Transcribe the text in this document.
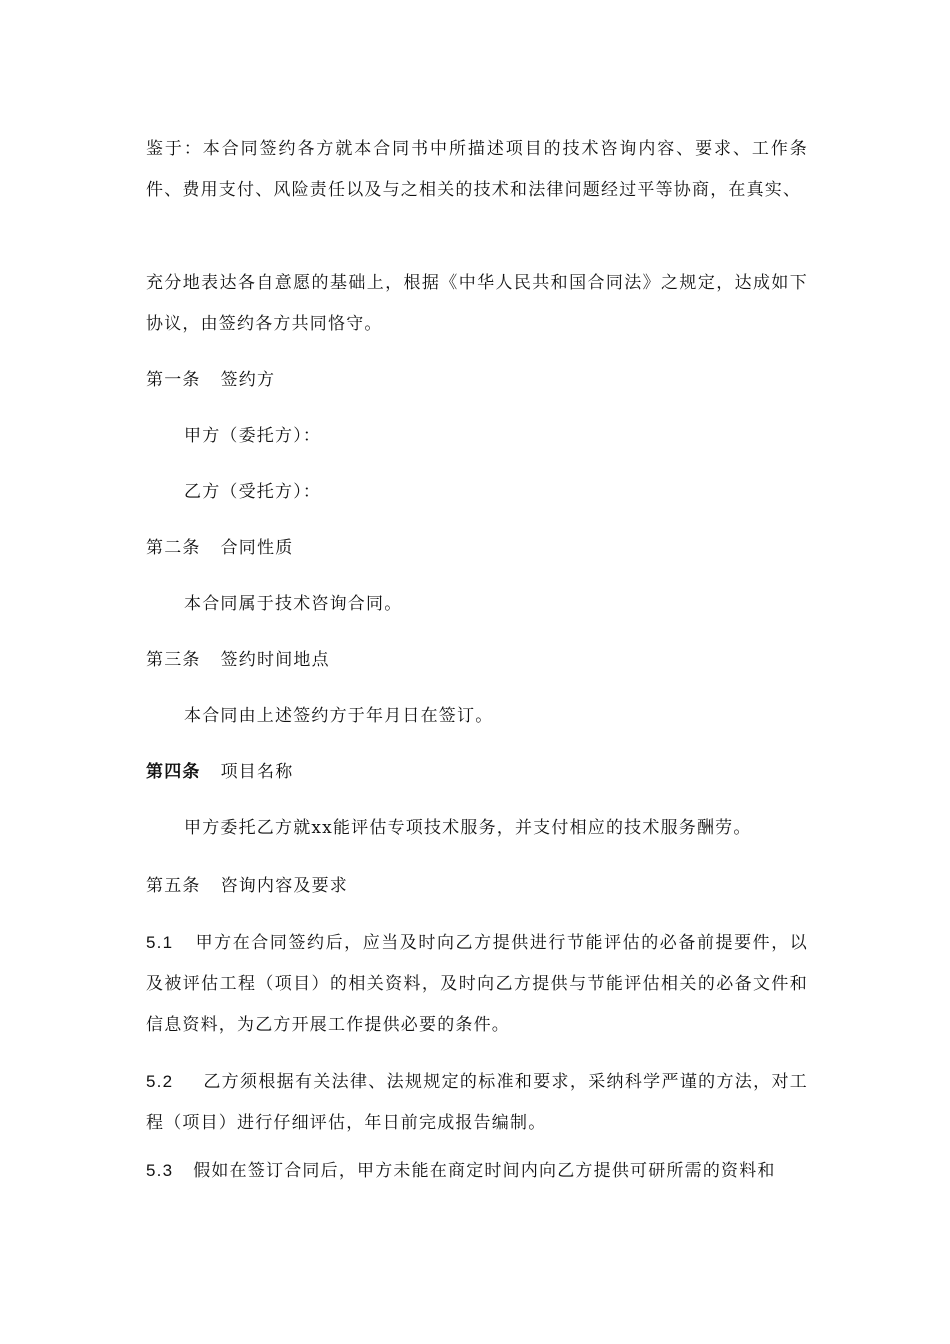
鉴于：本合同签约各方就本合同书中所描述项目的技术咨询内容、要求、工作条件、费用支付、风险责任以及与之相关的技术和法律问题经过平等协商，在真实、
充分地表达各自意愿的基础上，根据《中华人民共和国合同法》之规定，达成如下协议，由签约各方共同恪守。
第一条 签约方
甲方（委托方）：
乙方（受托方）：
第二条 合同性质
本合同属于技术咨询合同。
第三条 签约时间地点
本合同由上述签约方于年月日在签订。
第四条 项目名称
甲方委托乙方就xx能评估专项技术服务，并支付相应的技术服务酬劳。
第五条 咨询内容及要求
5.1 甲方在合同签约后，应当及时向乙方提供进行节能评估的必备前提要件，以及被评估工程（项目）的相关资料，及时向乙方提供与节能评估相关的必备文件和信息资料，为乙方开展工作提供必要的条件。
5.2 乙方须根据有关法律、法规规定的标准和要求，采纳科学严谨的方法，对工程（项目）进行仔细评估，年日前完成报告编制。
5.3 假如在签订合同后，甲方未能在商定时间内向乙方提供可研所需的资料和
